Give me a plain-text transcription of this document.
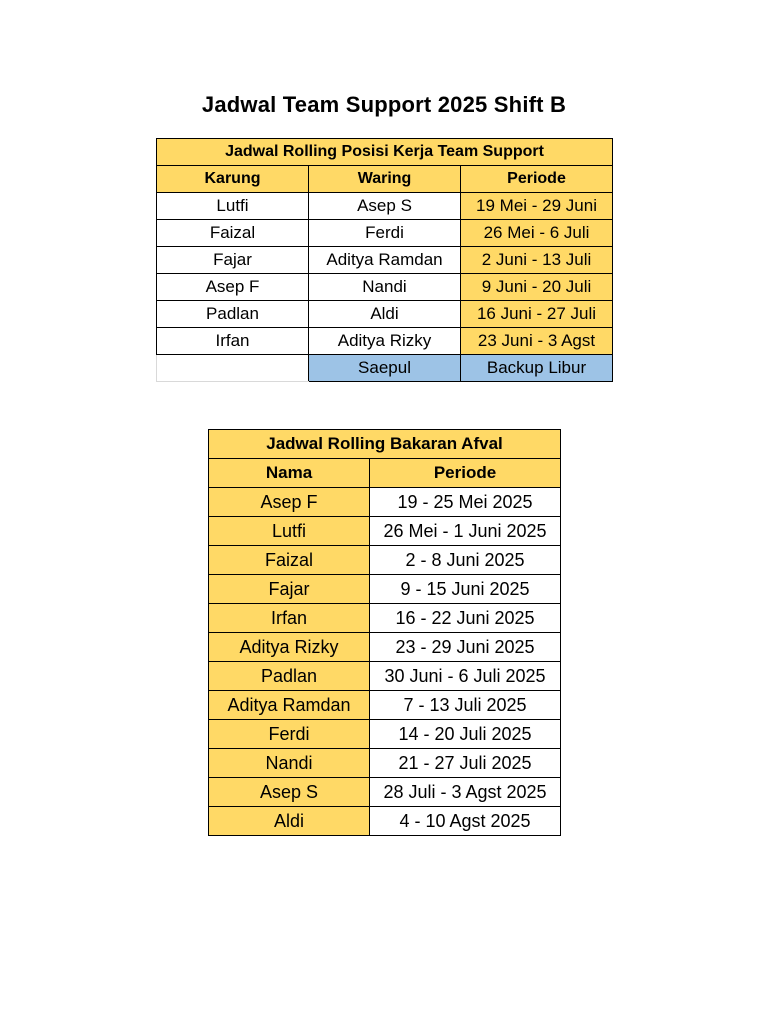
Jadwal Team Support 2025 Shift B
Jadwal Rolling Posisi Kerja Team Support		
Karung	Waring	Periode
Lutfi	Asep S	19 Mei - 29 Juni
Faizal	Ferdi	26 Mei - 6 Juli
Fajar	Aditya Ramdan	2 Juni - 13 Juli
Asep F	Nandi	9 Juni - 20 Juli
Padlan	Aldi	16 Juni - 27 Juli
Irfan	Aditya Rizky	23 Juni - 3 Agst
	Saepul	Backup Libur
Jadwal Rolling Bakaran Afval	
Nama	Periode
Asep F	19 - 25 Mei 2025
Lutfi	26 Mei - 1 Juni 2025
Faizal	2 - 8 Juni 2025
Fajar	9 - 15 Juni 2025
Irfan	16 - 22 Juni 2025
Aditya Rizky	23 - 29 Juni 2025
Padlan	30 Juni - 6 Juli 2025
Aditya Ramdan	7 - 13 Juli 2025
Ferdi	14 - 20 Juli 2025
Nandi	21 - 27 Juli 2025
Asep S	28 Juli - 3 Agst 2025
Aldi	4 - 10 Agst 2025
